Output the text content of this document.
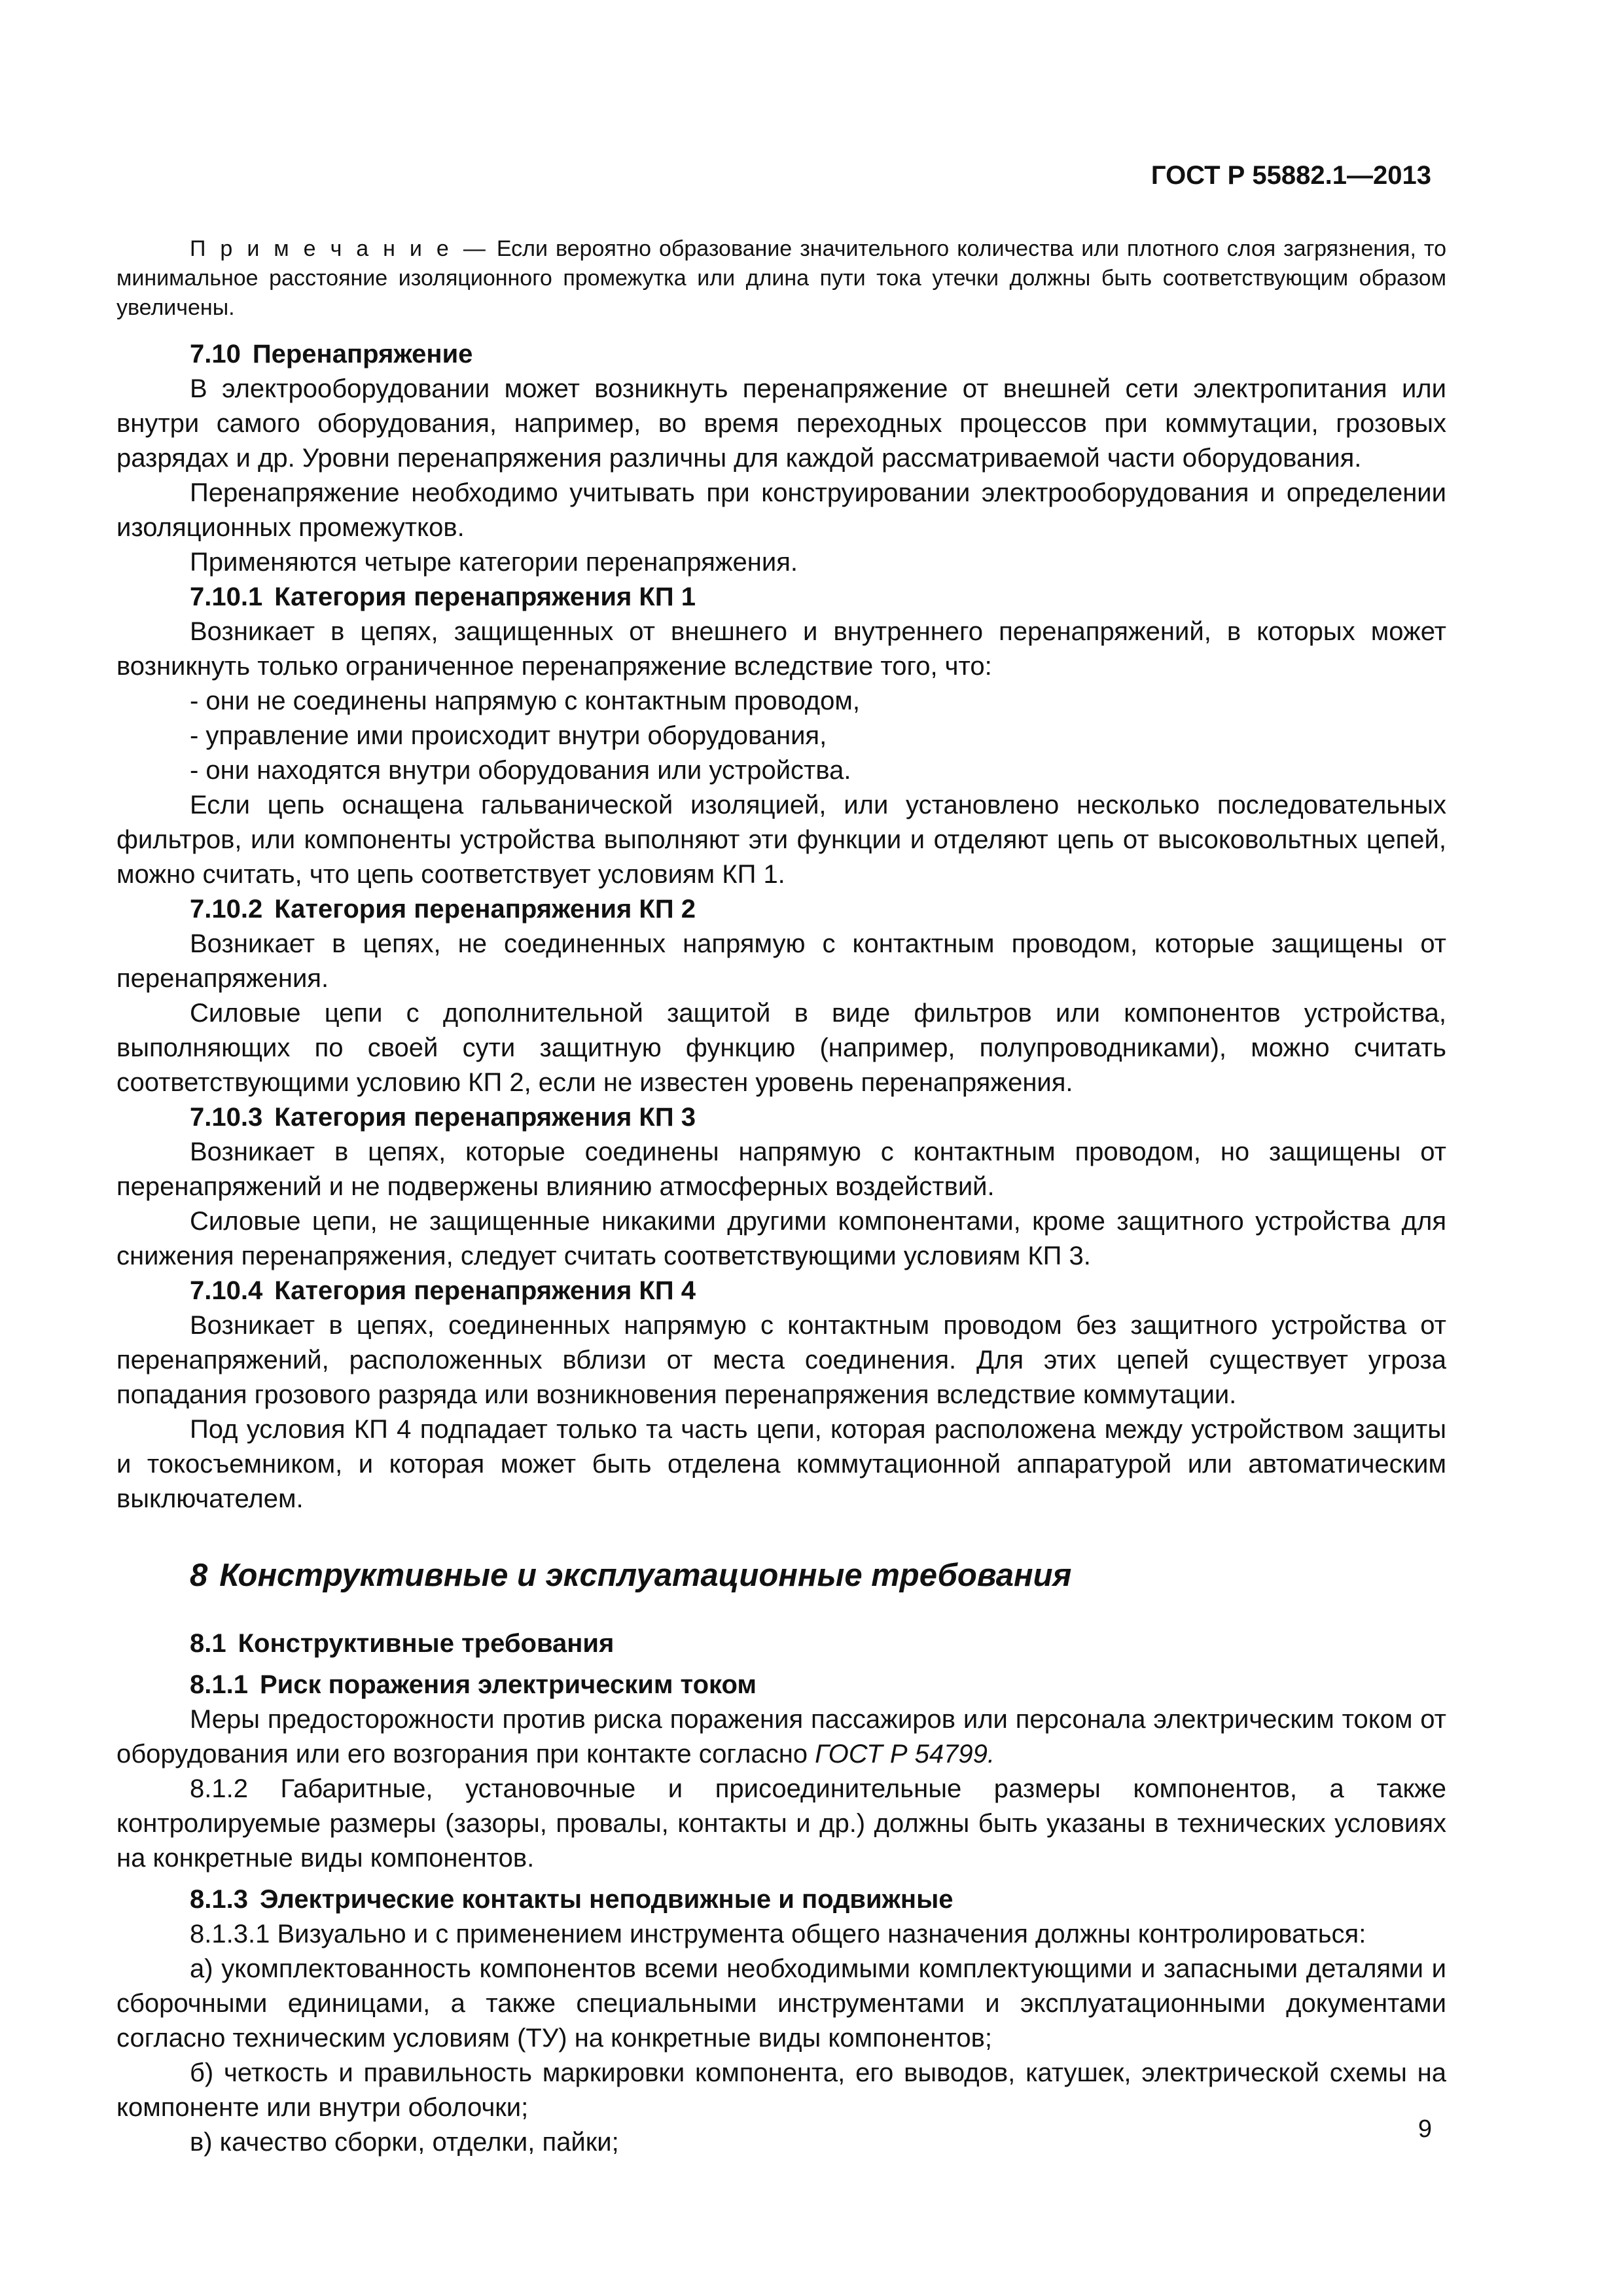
ГОСТ Р 55882.1—2013

П р и м е ч а н и е — Если вероятно образование значительного количества или плотного слоя загрязнения, то минимальное расстояние изоляционного промежутка или длина пути тока утечки должны быть соответствующим образом увеличены.

7.10 Перенапряжение

В электрооборудовании может возникнуть перенапряжение от внешней сети электропитания или внутри самого оборудования, например, во время переходных процессов при коммутации, грозовых разрядах и др. Уровни перенапряжения различны для каждой рассматриваемой части оборудования.

Перенапряжение необходимо учитывать при конструировании электрооборудования и определении изоляционных промежутков.

Применяются четыре категории перенапряжения.

7.10.1 Категория перенапряжения КП 1

Возникает в цепях, защищенных от внешнего и внутреннего перенапряжений, в которых может возникнуть только ограниченное перенапряжение вследствие того, что:

- они не соединены напрямую с контактным проводом,

- управление ими происходит внутри оборудования,

- они находятся внутри оборудования или устройства.

Если цепь оснащена гальванической изоляцией, или установлено несколько последовательных фильтров, или компоненты устройства выполняют эти функции и отделяют цепь от высоковольтных цепей, можно считать, что цепь соответствует условиям КП 1.

7.10.2 Категория перенапряжения КП 2

Возникает в цепях, не соединенных напрямую с контактным проводом, которые защищены от перенапряжения.

Силовые цепи с дополнительной защитой в виде фильтров или компонентов устройства, выполняющих по своей сути защитную функцию (например, полупроводниками), можно считать соответствующими условию КП 2, если не известен уровень перенапряжения.

7.10.3 Категория перенапряжения КП 3

Возникает в цепях, которые соединены напрямую с контактным проводом, но защищены от перенапряжений и не подвержены влиянию атмосферных воздействий.

Силовые цепи, не защищенные никакими другими компонентами, кроме защитного устройства для снижения перенапряжения, следует считать соответствующими условиям КП 3.

7.10.4 Категория перенапряжения КП 4

Возникает в цепях, соединенных напрямую с контактным проводом без защитного устройства от перенапряжений, расположенных вблизи от места соединения. Для этих цепей существует угроза попадания грозового разряда или возникновения перенапряжения вследствие коммутации.

Под условия КП 4 подпадает только та часть цепи, которая расположена между устройством защиты и токосъемником, и которая может быть отделена коммутационной аппаратурой или автоматическим выключателем.

8 Конструктивные и эксплуатационные требования
8.1 Конструктивные требования
8.1.1 Риск поражения электрическим током

Меры предосторожности против риска поражения пассажиров или персонала электрическим током от оборудования или его возгорания при контакте согласно ГОСТ Р 54799.

8.1.2 Габаритные, установочные и присоединительные размеры компонентов, а также контролируемые размеры (зазоры, провалы, контакты и др.) должны быть указаны в технических условиях на конкретные виды компонентов.

8.1.3 Электрические контакты неподвижные и подвижные

8.1.3.1 Визуально и с применением инструмента общего назначения должны контролироваться:

а) укомплектованность компонентов всеми необходимыми комплектующими и запасными деталями и сборочными единицами, а также специальными инструментами и эксплуатационными документами согласно техническим условиям (ТУ) на конкретные виды компонентов;

б) четкость и правильность маркировки компонента, его выводов, катушек, электрической схемы на компоненте или внутри оболочки;

в) качество сборки, отделки, пайки;	9
